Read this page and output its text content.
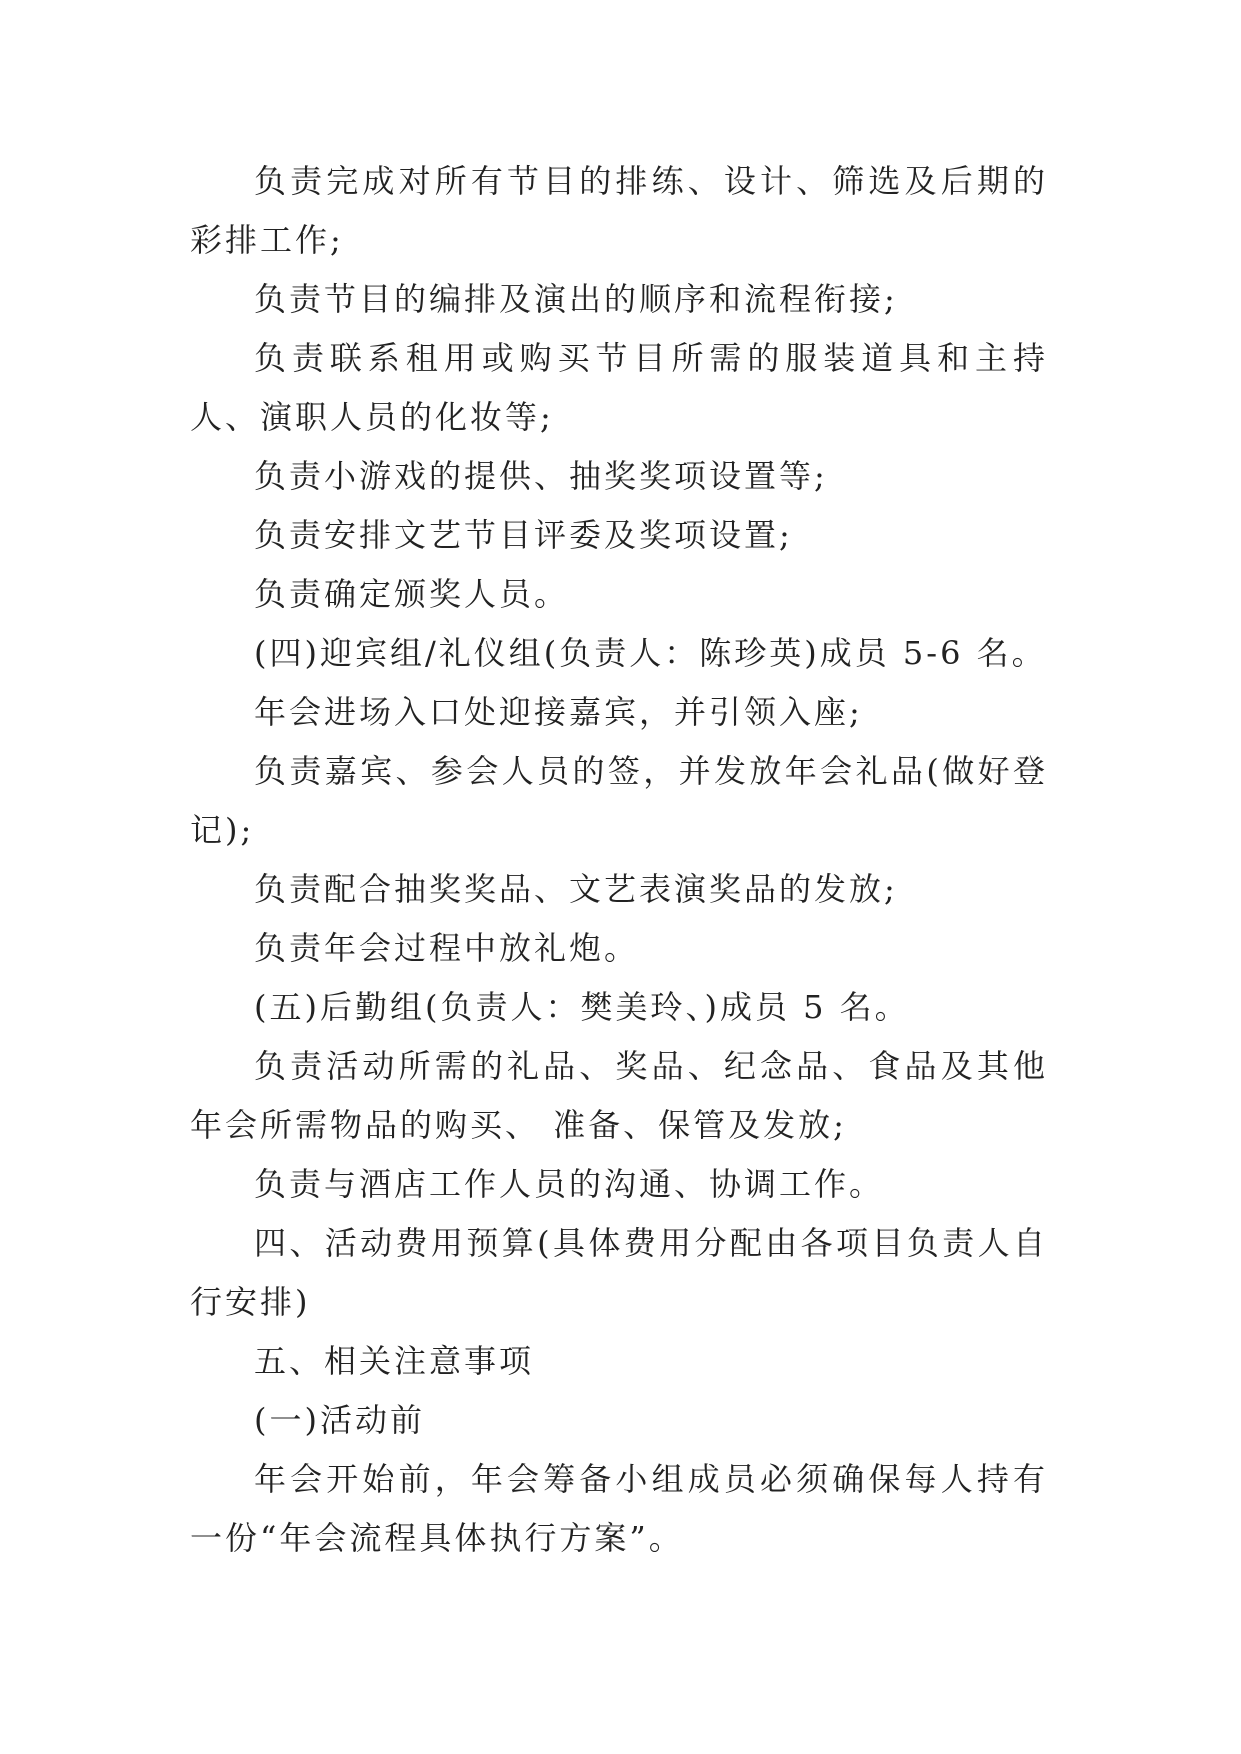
负责完成对所有节目的排练、设计、筛选及后期的彩排工作;

负责节目的编排及演出的顺序和流程衔接;

负责联系租用或购买节目所需的服装道具和主持人、演职人员的化妆等;

负责小游戏的提供、抽奖奖项设置等;

负责安排文艺节目评委及奖项设置;

负责确定颁奖人员。

(四)迎宾组/礼仪组(负责人：陈珍英)成员 5-6 名。

年会进场入口处迎接嘉宾，并引领入座;

负责嘉宾、参会人员的签，并发放年会礼品(做好登记);

负责配合抽奖奖品、文艺表演奖品的发放;

负责年会过程中放礼炮。

(五)后勤组(负责人：樊美玲、)成员 5 名。

负责活动所需的礼品、奖品、纪念品、食品及其他年会所需物品的购买、 准备、保管及发放;

负责与酒店工作人员的沟通、协调工作。

四、活动费用预算(具体费用分配由各项目负责人自行安排)

五、相关注意事项

(一)活动前

年会开始前，年会筹备小组成员必须确保每人持有一份“年会流程具体执行方案”。
